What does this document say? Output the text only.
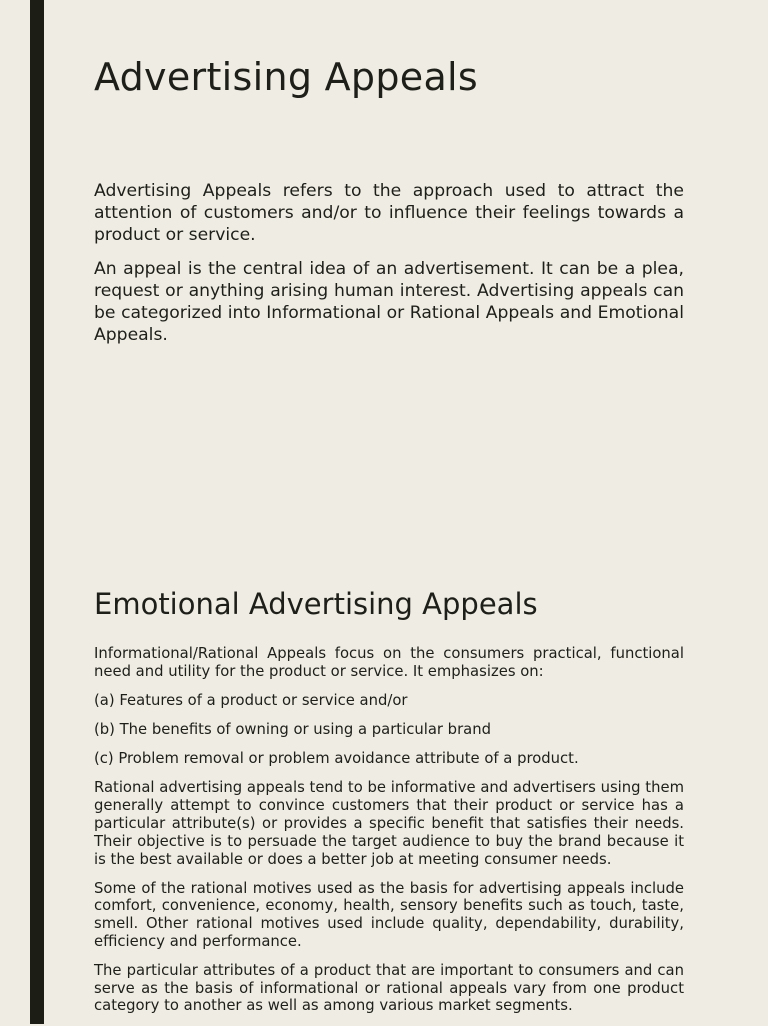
Advertising Appeals

Advertising Appeals refers to the approach used to attract the attention of customers and/or to influence their feelings towards a product or service.

An appeal is the central idea of an advertisement. It can be a plea, request or anything arising human interest. Advertising appeals can be categorized into Informational or Rational Appeals and Emotional Appeals.

Emotional Advertising Appeals

Informational/Rational Appeals focus on the consumers practical, functional need and utility for the product or service. It emphasizes on:

(a) Features of a product or service and/or

(b) The benefits of owning or using a particular brand

(c) Problem removal or problem avoidance attribute of a product.

Rational advertising appeals tend to be informative and advertisers using them generally attempt to convince customers that their product or service has a particular attribute(s) or provides a specific benefit that satisfies their needs. Their objective is to persuade the target audience to buy the brand because it is the best available or does a better job at meeting consumer needs.

Some of the rational motives used as the basis for advertising appeals include comfort, convenience, economy, health, sensory benefits such as touch, taste, smell. Other rational motives used include quality, dependability, durability, efficiency and performance.

The particular attributes of a product that are important to consumers and can serve as the basis of informational or rational appeals vary from one product category to another as well as among various market segments.
